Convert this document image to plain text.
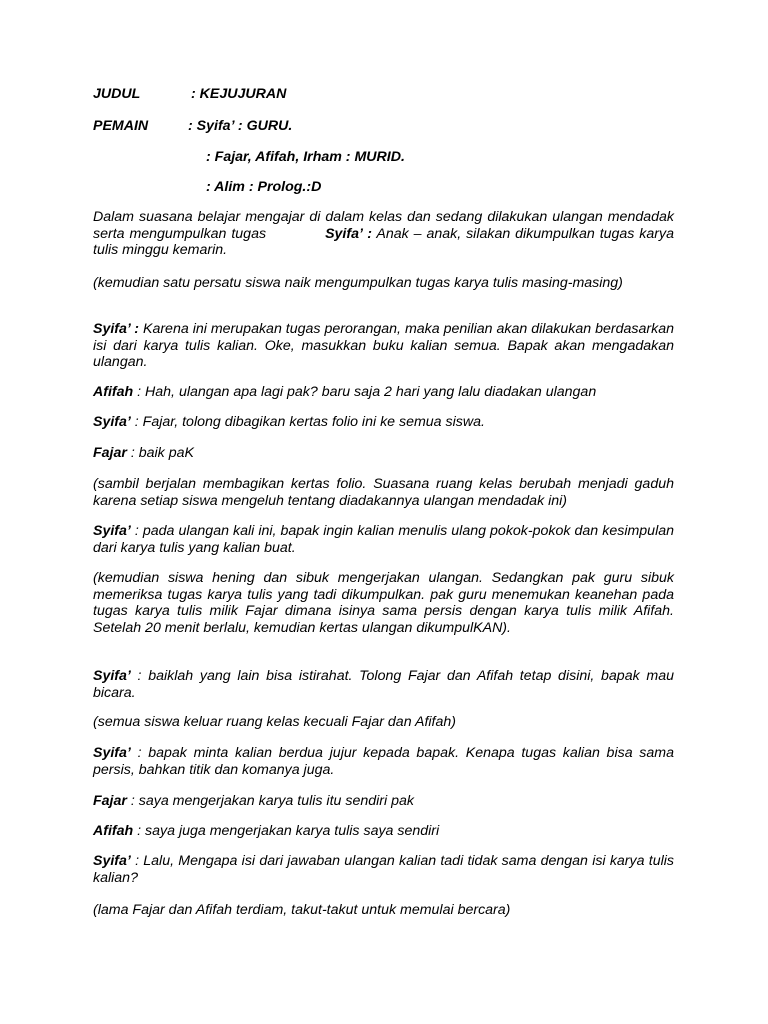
JUDUL	: KEJUJURAN
PEMAIN	: Syifa’ : GURU.
: Fajar, Afifah, Irham : MURID.
: Alim : Prolog.:D

Dalam suasana belajar mengajar di dalam kelas dan sedang dilakukan ulangan mendadak serta mengumpulkan tugas	Syifa’ : Anak – anak, silakan dikumpulkan tugas karya tulis minggu kemarin.

(kemudian satu persatu siswa naik mengumpulkan tugas karya tulis masing-masing)

Syifa’ : Karena ini merupakan tugas perorangan, maka penilian akan dilakukan berdasarkan isi dari karya tulis kalian. Oke, masukkan buku kalian semua. Bapak akan mengadakan ulangan.

Afifah : Hah, ulangan apa lagi pak? baru saja 2 hari yang lalu diadakan ulangan

Syifa’ : Fajar, tolong dibagikan kertas folio ini ke semua siswa.

Fajar : baik paK

(sambil berjalan membagikan kertas folio. Suasana ruang kelas berubah menjadi gaduh karena setiap siswa mengeluh tentang diadakannya ulangan mendadak ini)

Syifa’ : pada ulangan kali ini, bapak ingin kalian menulis ulang pokok-pokok dan kesimpulan dari karya tulis yang kalian buat.

(kemudian siswa hening dan sibuk mengerjakan ulangan. Sedangkan pak guru sibuk memeriksa tugas karya tulis yang tadi dikumpulkan. pak guru menemukan keanehan pada tugas karya tulis milik Fajar dimana isinya sama persis dengan karya tulis milik Afifah. Setelah 20 menit berlalu, kemudian kertas ulangan dikumpulKAN).

Syifa’ : baiklah yang lain bisa istirahat. Tolong Fajar dan Afifah tetap disini, bapak mau bicara.

(semua siswa keluar ruang kelas kecuali Fajar dan Afifah)

Syifa’ : bapak minta kalian berdua jujur kepada bapak. Kenapa tugas kalian bisa sama persis, bahkan titik dan komanya juga.

Fajar : saya mengerjakan karya tulis itu sendiri pak

Afifah : saya juga mengerjakan karya tulis saya sendiri

Syifa’ : Lalu, Mengapa isi dari jawaban ulangan kalian tadi tidak sama dengan isi karya tulis kalian?

(lama Fajar dan Afifah terdiam, takut-takut untuk memulai bercara)
